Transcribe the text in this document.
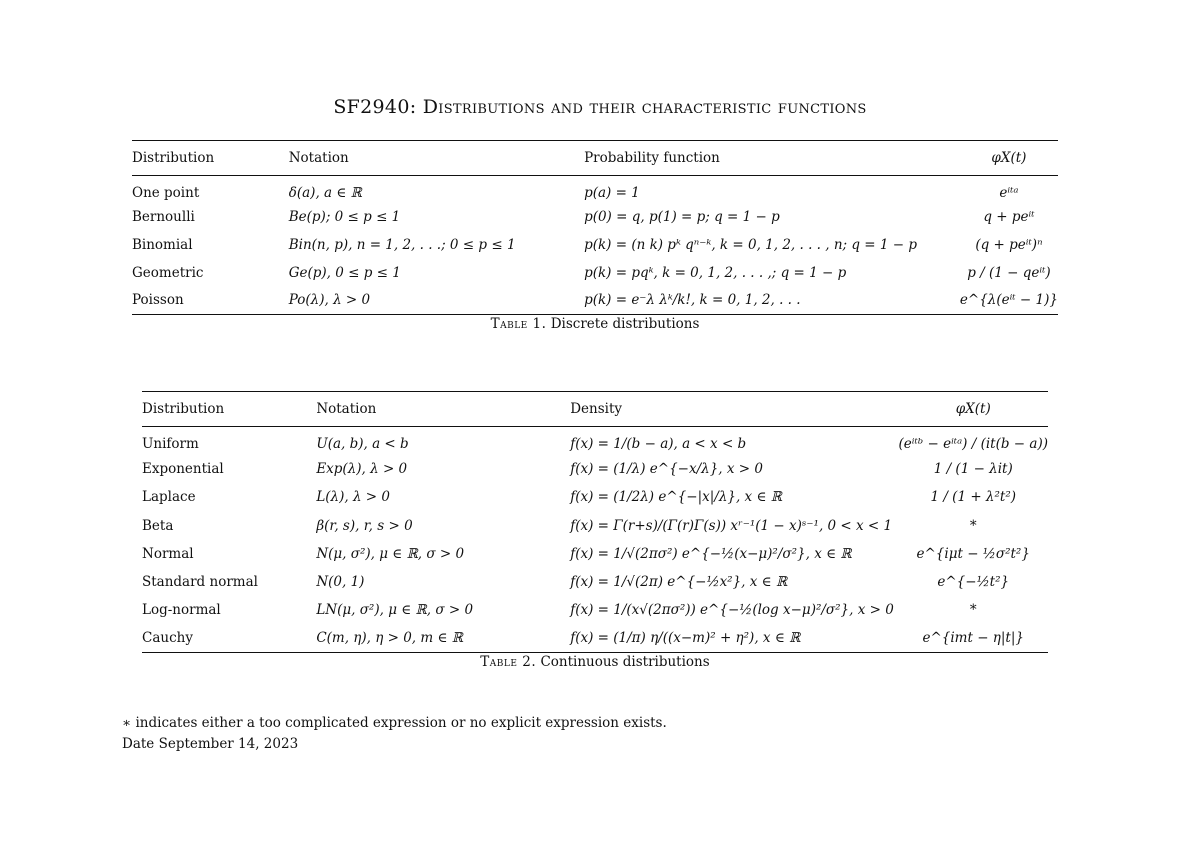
SF2940: Distributions and their characteristic functions
Distribution	Notation	Probability function	φX(t)
One point	δ(a), a ∈ ℝ	p(a) = 1	eⁱᵗᵃ
Bernoulli	Be(p); 0 ≤ p ≤ 1	p(0) = q, p(1) = p; q = 1 − p	q + peⁱᵗ
Binomial	Bin(n, p), n = 1, 2, . . .; 0 ≤ p ≤ 1	p(k) = (n k) pᵏ qⁿ⁻ᵏ, k = 0, 1, 2, . . . , n; q = 1 − p	(q + peⁱᵗ)ⁿ
Geometric	Ge(p), 0 ≤ p ≤ 1	p(k) = pqᵏ, k = 0, 1, 2, . . . ,; q = 1 − p	p / (1 − qeⁱᵗ)
Poisson	Po(λ), λ > 0	p(k) = e⁻λ λᵏ/k!, k = 0, 1, 2, . . .	e^{λ(eⁱᵗ − 1)}
Table 1. Discrete distributions
Distribution	Notation	Density	φX(t)
Uniform	U(a, b), a < b	f(x) = 1/(b − a), a < x < b	(eⁱᵗᵇ − eⁱᵗᵃ) / (it(b − a))
Exponential	Exp(λ), λ > 0	f(x) = (1/λ) e^{−x/λ}, x > 0	1 / (1 − λit)
Laplace	L(λ), λ > 0	f(x) = (1/2λ) e^{−|x|/λ}, x ∈ ℝ	1 / (1 + λ²t²)
Beta	β(r, s), r, s > 0	f(x) = Γ(r+s)/(Γ(r)Γ(s)) xʳ⁻¹(1 − x)ˢ⁻¹, 0 < x < 1	*
Normal	N(μ, σ²), μ ∈ ℝ, σ > 0	f(x) = 1/√(2πσ²) e^{−½(x−μ)²/σ²}, x ∈ ℝ	e^{iμt − ½σ²t²}
Standard normal	N(0, 1)	f(x) = 1/√(2π) e^{−½x²}, x ∈ ℝ	e^{−½t²}
Log-normal	LN(μ, σ²), μ ∈ ℝ, σ > 0	f(x) = 1/(x√(2πσ²)) e^{−½(log x−μ)²/σ²}, x > 0	*
Cauchy	C(m, η), η > 0, m ∈ ℝ	f(x) = (1/π) η/((x−m)² + η²), x ∈ ℝ	e^{imt − η|t|}
Table 2. Continuous distributions
∗ indicates either a too complicated expression or no explicit expression exists.
Date September 14, 2023
